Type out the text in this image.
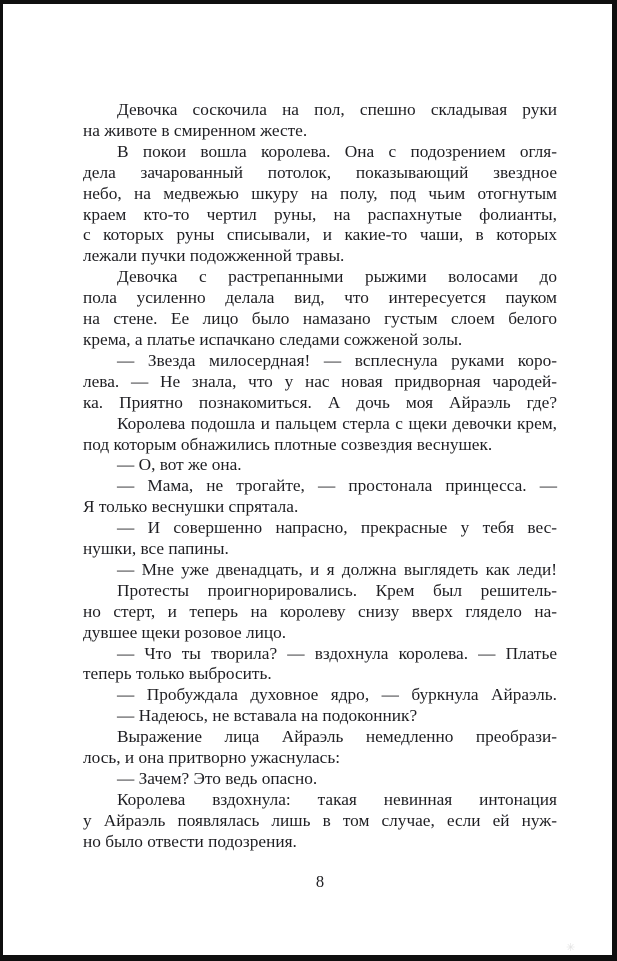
Девочка соскочила на пол, спешно складывая руки

на животе в смиренном жесте.

В покои вошла королева. Она с подозрением огля-

дела зачарованный потолок, показывающий звездное

небо, на медвежью шкуру на полу, под чьим отогнутым

краем кто-то чертил руны, на распахнутые фолианты,

с которых руны списывали, и какие-то чаши, в которых

лежали пучки подожженной травы.

Девочка с растрепанными рыжими волосами до

пола усиленно делала вид, что интересуется пауком

на стене. Ее лицо было намазано густым слоем белого

крема, а платье испачкано следами сожженой золы.

— Звезда милосердная! — всплеснула руками коро-

лева. — Не знала, что у нас новая придворная чародей-

ка. Приятно познакомиться. А дочь моя Айраэль где?

Королева подошла и пальцем стерла с щеки девочки крем,

под которым обнажились плотные созвездия веснушек.

— О, вот же она.

— Мама, не трогайте, — простонала принцесса. —

Я только веснушки спрятала.

— И совершенно напрасно, прекрасные у тебя вес-

нушки, все папины.

— Мне уже двенадцать, и я должна выглядеть как леди!

Протесты проигнорировались. Крем был решитель-

но стерт, и теперь на королеву снизу вверх глядело на-

дувшее щеки розовое лицо.

— Что ты творила? — вздохнула королева. — Платье

теперь только выбросить.

— Пробуждала духовное ядро, — буркнула Айраэль.

— Надеюсь, не вставала на подоконник?

Выражение лица Айраэль немедленно преобрази-

лось, и она притворно ужаснулась:

— Зачем? Это ведь опасно.

Королева вздохнула: такая невинная интонация

у Айраэль появлялась лишь в том случае, если ей нуж-

но было отвести подозрения.

8
✳
